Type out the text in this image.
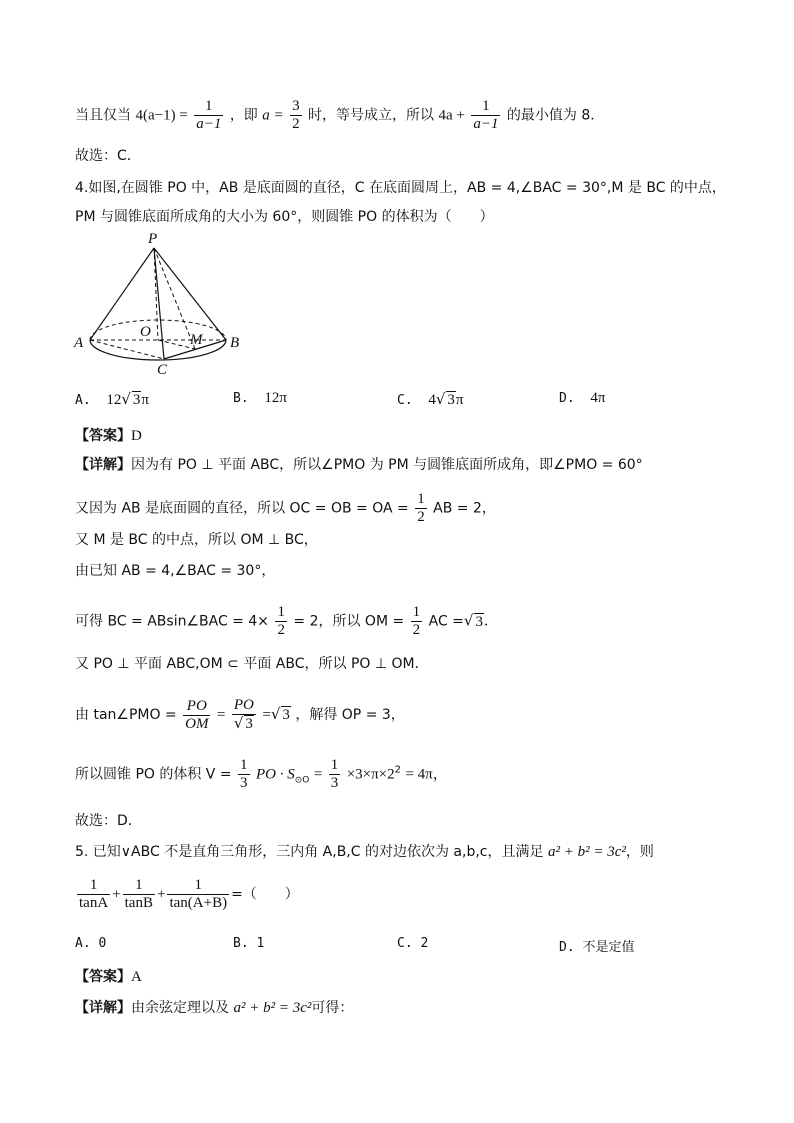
当且仅当 $4(a-1) = \frac{1}{a-1}$ ，即 $a = \frac{3}{2}$ 时，等号成立，所以 $4a + \frac{1}{a-1}$ 的最小值为 8．
故选：C．
4.如图,在圆锥 PO 中，AB 是底面圆的直径，C 在底面圆周上，AB = 4,∠BAC = 30°,M 是 BC 的中点，
PM 与圆锥底面所成角的大小为 60°，则圆锥 PO 的体积为（　　）
P
O	M
A	B
C
A. 12√ 3π	B. 12π	C. 4√ 3π	D. 4π
【答案】D
【详解】因为有 PO ⊥ 平面 ABC，所以∠PMO 为 PM 与圆锥底面所成角，即∠PMO = 60°
又因为 AB 是底面圆的直径，所以 OC = OB = OA = $\frac{1}{2}$ AB = 2，
又 M 是 BC 的中点，所以 OM ⊥ BC，
由已知 AB = 4,∠BAC = 30°，
可得 BC = ABsin∠BAC = $4\times \frac{1}{2} = 2$，所以 OM = $\frac{1}{2}$ AC =√ 3．
又 PO ⊥ 平面 ABC,OM ⊂ 平面 ABC，所以 PO ⊥ OM．
由 tan∠PMO = $\frac{PO}{OM} = \frac{PO}{√ 3}$ =√ 3 ，解得 OP = 3，
所以圆锥 PO 的体积 $V = \frac{1}{3}$ PO · $S_{⊙O} = \frac{1}{3} \times 3\times\pi\times 2^2 = 4\pi$，
故选：D．
5. 已知∨ABC 不是直角三角形，三内角 A,B,C 的对边依次为 a,b,c，且满足 a² + b² = 3c²，则
$\frac{1}{\tan A} + \frac{1}{\tan B} + \frac{1}{\tan(A+B)}$ =（　　）
A. 0	B. 1	C. 2	D. 不是定值
【答案】A
【详解】由余弦定理以及 a² + b² = 3c²可得：
